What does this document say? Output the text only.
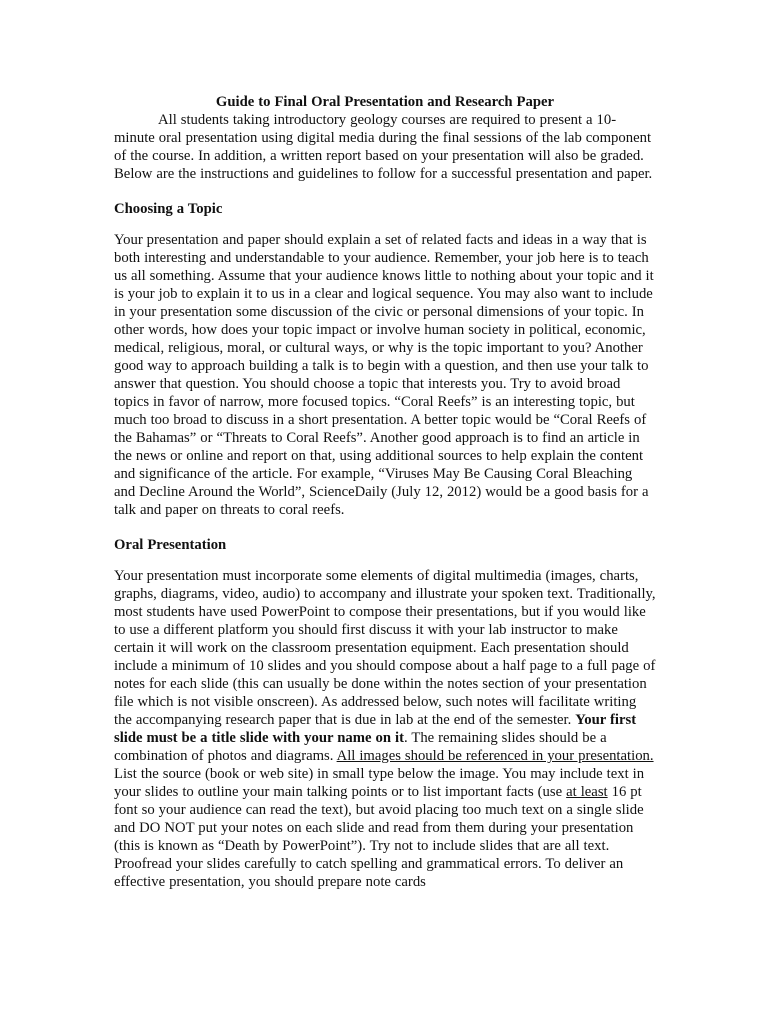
Guide to Final Oral Presentation and Research Paper

All students taking introductory geology courses are required to present a 10-minute oral presentation using digital media during the final sessions of the lab component of the course. In addition, a written report based on your presentation will also be graded. Below are the instructions and guidelines to follow for a successful presentation and paper.

Choosing a Topic

Your presentation and paper should explain a set of related facts and ideas in a way that is both interesting and understandable to your audience. Remember, your job here is to teach us all something. Assume that your audience knows little to nothing about your topic and it is your job to explain it to us in a clear and logical sequence. You may also want to include in your presentation some discussion of the civic or personal dimensions of your topic. In other words, how does your topic impact or involve human society in political, economic, medical, religious, moral, or cultural ways, or why is the topic important to you? Another good way to approach building a talk is to begin with a question, and then use your talk to answer that question. You should choose a topic that interests you. Try to avoid broad topics in favor of narrow, more focused topics. “Coral Reefs” is an interesting topic, but much too broad to discuss in a short presentation. A better topic would be “Coral Reefs of the Bahamas” or “Threats to Coral Reefs”. Another good approach is to find an article in the news or online and report on that, using additional sources to help explain the content and significance of the article. For example, “Viruses May Be Causing Coral Bleaching and Decline Around the World”, ScienceDaily (July 12, 2012) would be a good basis for a talk and paper on threats to coral reefs.

Oral Presentation

Your presentation must incorporate some elements of digital multimedia (images, charts, graphs, diagrams, video, audio) to accompany and illustrate your spoken text. Traditionally, most students have used PowerPoint to compose their presentations, but if you would like to use a different platform you should first discuss it with your lab instructor to make certain it will work on the classroom presentation equipment. Each presentation should include a minimum of 10 slides and you should compose about a half page to a full page of notes for each slide (this can usually be done within the notes section of your presentation file which is not visible onscreen). As addressed below, such notes will facilitate writing the accompanying research paper that is due in lab at the end of the semester. Your first slide must be a title slide with your name on it. The remaining slides should be a combination of photos and diagrams. All images should be referenced in your presentation. List the source (book or web site) in small type below the image. You may include text in your slides to outline your main talking points or to list important facts (use at least 16 pt font so your audience can read the text), but avoid placing too much text on a single slide and DO NOT put your notes on each slide and read from them during your presentation (this is known as “Death by PowerPoint”). Try not to include slides that are all text. Proofread your slides carefully to catch spelling and grammatical errors. To deliver an effective presentation, you should prepare note cards
